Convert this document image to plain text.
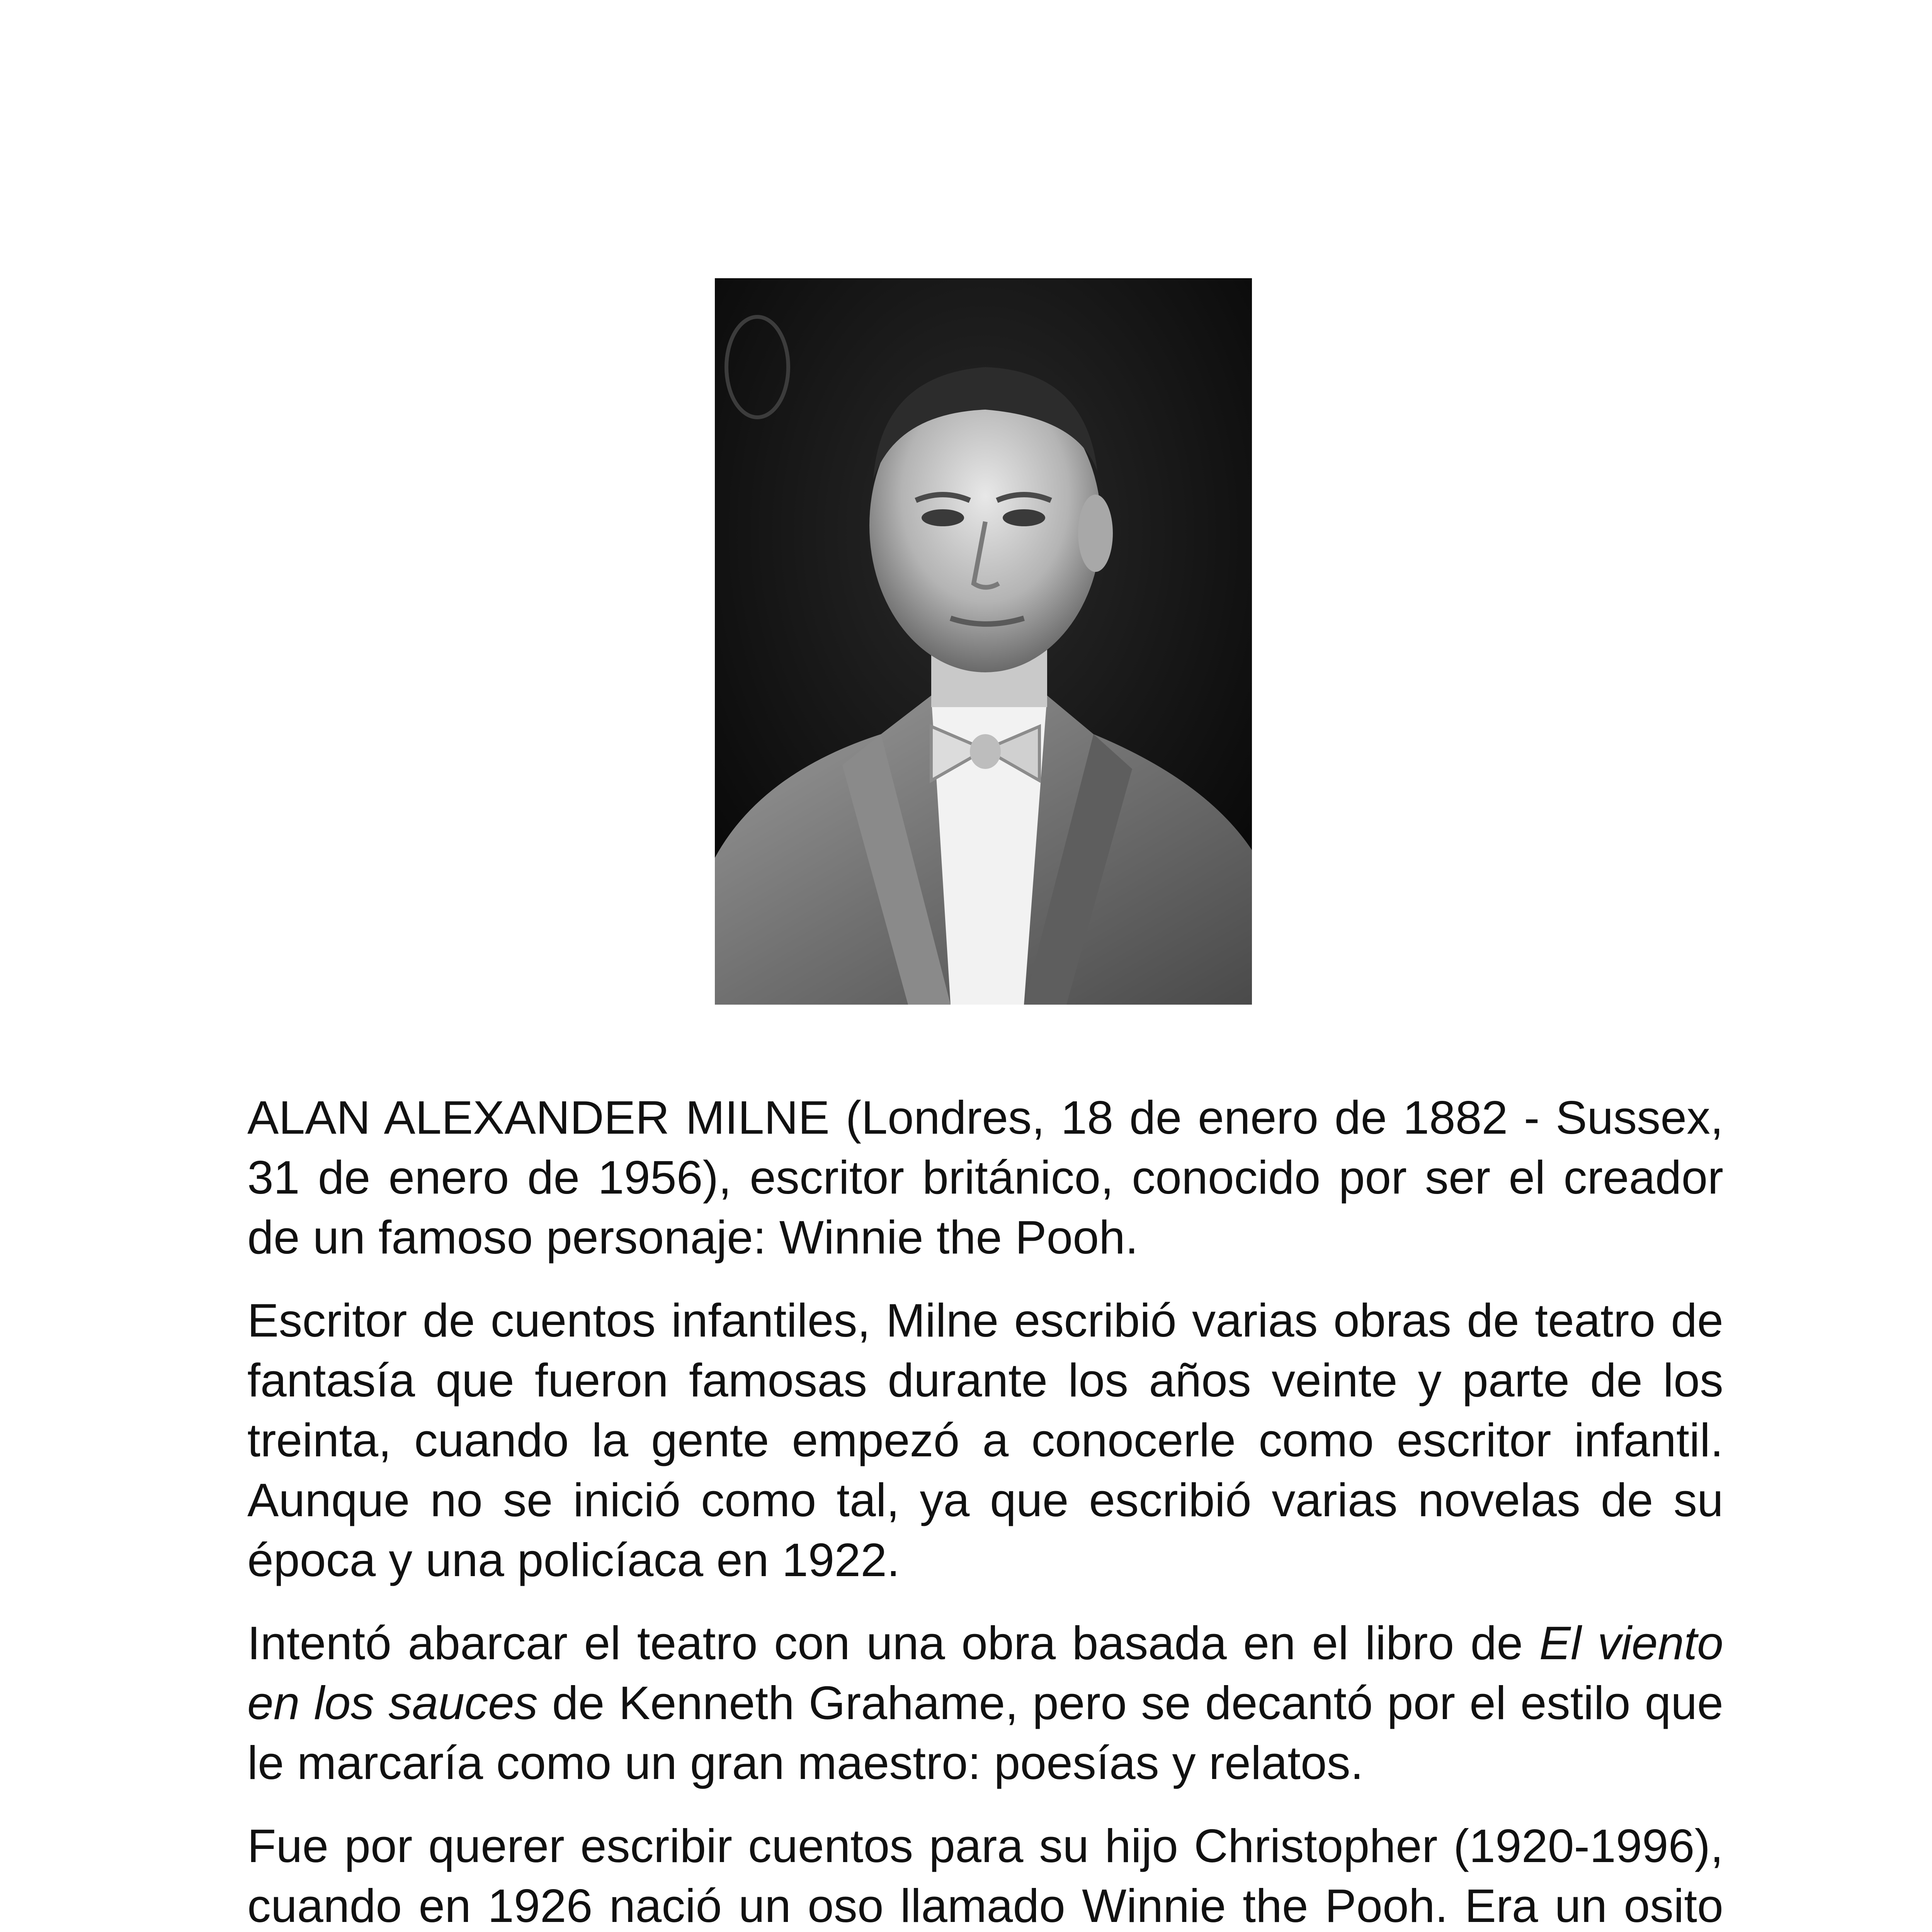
ALAN ALEXANDER MILNE (Londres, 18 de enero de 1882 - Sussex, 31 de enero de 1956), escritor británico, conocido por ser el creador de un famoso personaje: Winnie the Pooh.

Escritor de cuentos infantiles, Milne escribió varias obras de teatro de fantasía que fueron famosas durante los años veinte y parte de los treinta, cuando la gente empezó a conocerle como escritor infantil. Aunque no se inició como tal, ya que escribió varias novelas de su época y una policíaca en 1922.

Intentó abarcar el teatro con una obra basada en el libro de El viento en los sauces de Kenneth Grahame, pero se decantó por el estilo que le marcaría como un gran maestro: poesías y relatos.

Fue por querer escribir cuentos para su hijo Christopher (1920-1996), cuando en 1926 nació un oso llamado Winnie the Pooh. Era un osito
